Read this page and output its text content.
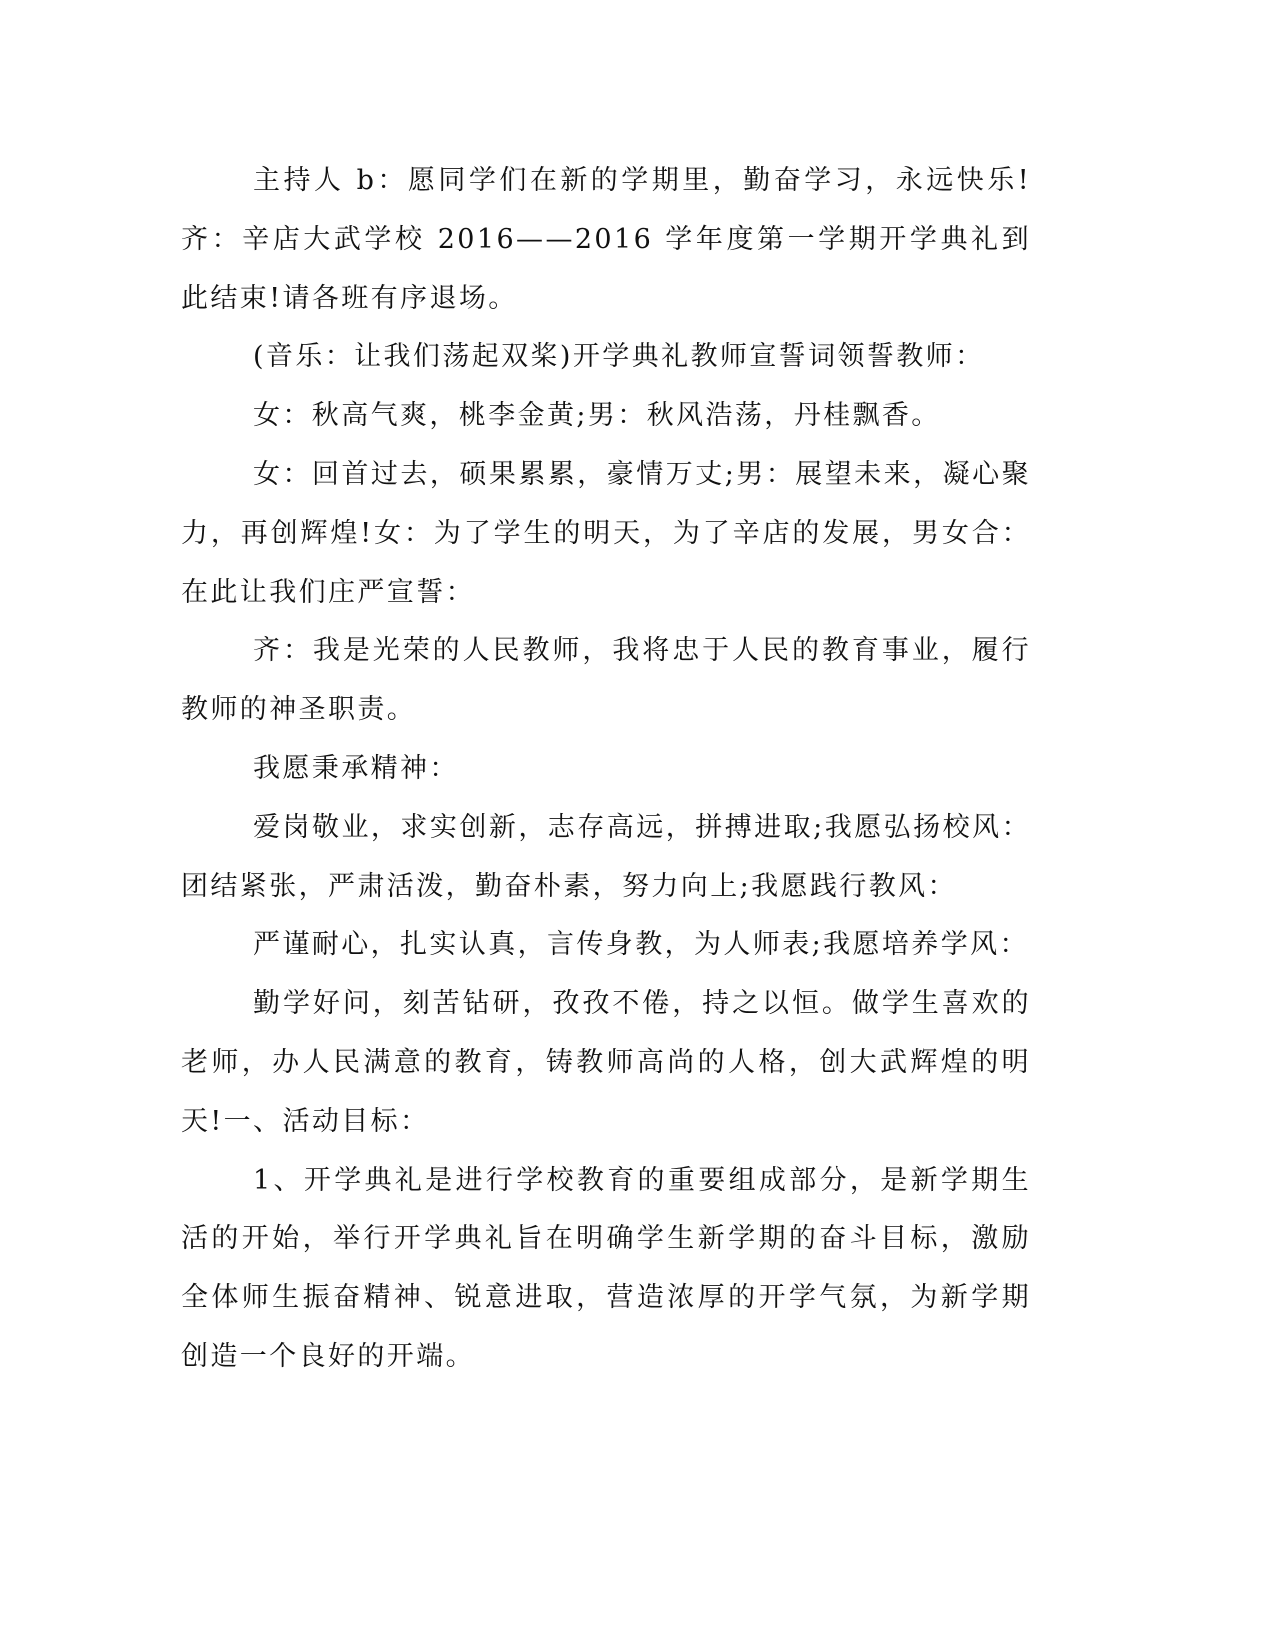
主持人 b：愿同学们在新的学期里，勤奋学习，永远快乐!齐：辛店大武学校 2016——2016 学年度第一学期开学典礼到此结束!请各班有序退场。

(音乐：让我们荡起双桨)开学典礼教师宣誓词领誓教师：

女：秋高气爽，桃李金黄;男：秋风浩荡，丹桂飘香。

女：回首过去，硕果累累，豪情万丈;男：展望未来，凝心聚力，再创辉煌!女：为了学生的明天，为了辛店的发展，男女合：在此让我们庄严宣誓：

齐：我是光荣的人民教师，我将忠于人民的教育事业，履行教师的神圣职责。

我愿秉承精神：

爱岗敬业，求实创新，志存高远，拼搏进取;我愿弘扬校风：团结紧张，严肃活泼，勤奋朴素，努力向上;我愿践行教风：

严谨耐心，扎实认真，言传身教，为人师表;我愿培养学风：

勤学好问，刻苦钻研，孜孜不倦，持之以恒。做学生喜欢的老师，办人民满意的教育，铸教师高尚的人格，创大武辉煌的明天!一、活动目标：

1、开学典礼是进行学校教育的重要组成部分，是新学期生活的开始，举行开学典礼旨在明确学生新学期的奋斗目标，激励全体师生振奋精神、锐意进取，营造浓厚的开学气氛，为新学期创造一个良好的开端。
